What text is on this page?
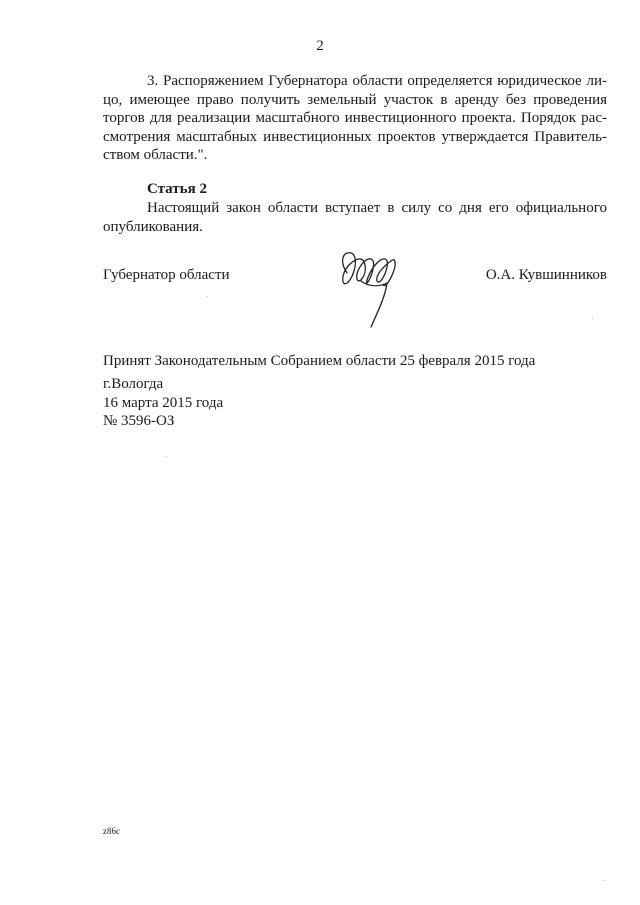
2
3. Распоряжением Губернатора области определяется юридическое ли-
цо, имеющее право получить земельный участок в аренду без проведения
торгов для реализации масштабного инвестиционного проекта. Порядок рас-
смотрения масштабных инвестиционных проектов утверждается Правитель-
ством области.".
Статья 2
Настоящий закон области вступает в силу со дня его официального
опубликования.
Губернатор области	О.А. Кувшинников
Принят Законодательным Собранием области 25 февраля 2015 года
г.Вологда
16 марта 2015 года
№ 3596-ОЗ
z86c
